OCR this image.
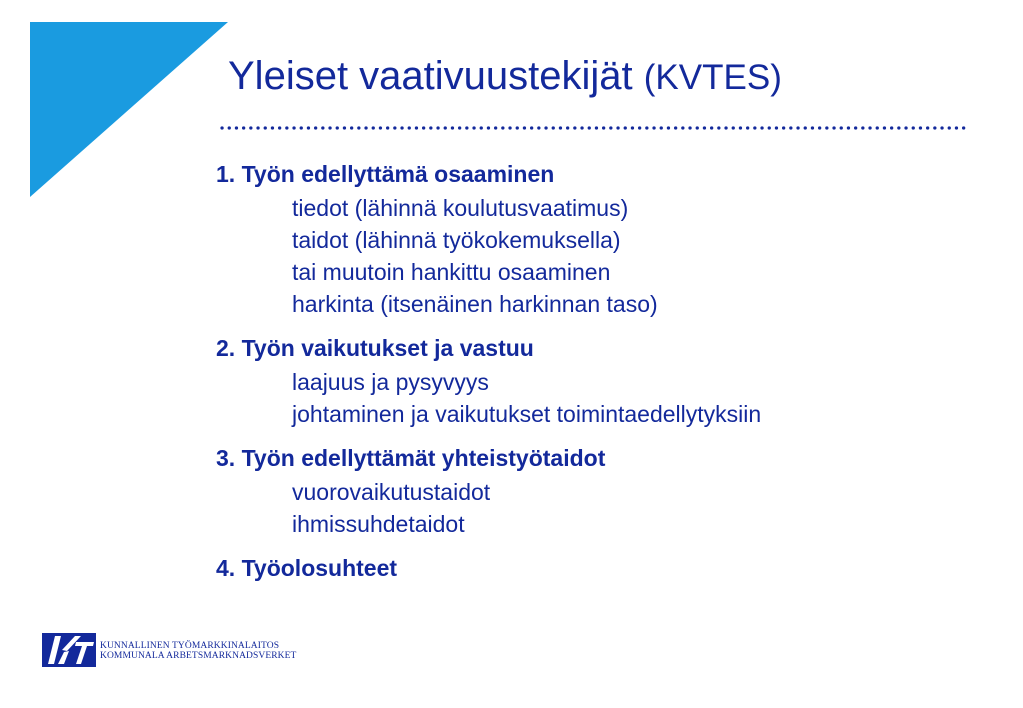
Yleiset vaativuustekijät (KVTES)
1. Työn edellyttämä osaaminen
tiedot (lähinnä koulutusvaatimus)
taidot (lähinnä työkokemuksella)
tai muutoin hankittu osaaminen
harkinta (itsenäinen harkinnan taso)
2. Työn vaikutukset ja vastuu
laajuus ja pysyvyys
johtaminen ja vaikutukset toimintaedellytyksiin
3. Työn edellyttämät yhteistyötaidot
vuorovaikutustaidot
ihmissuhdetaidot
4. Työolosuhteet
KUNNALLINEN TYÖMARKKINALAITOS
KOMMUNALA ARBETSMARKNADSVERKET
